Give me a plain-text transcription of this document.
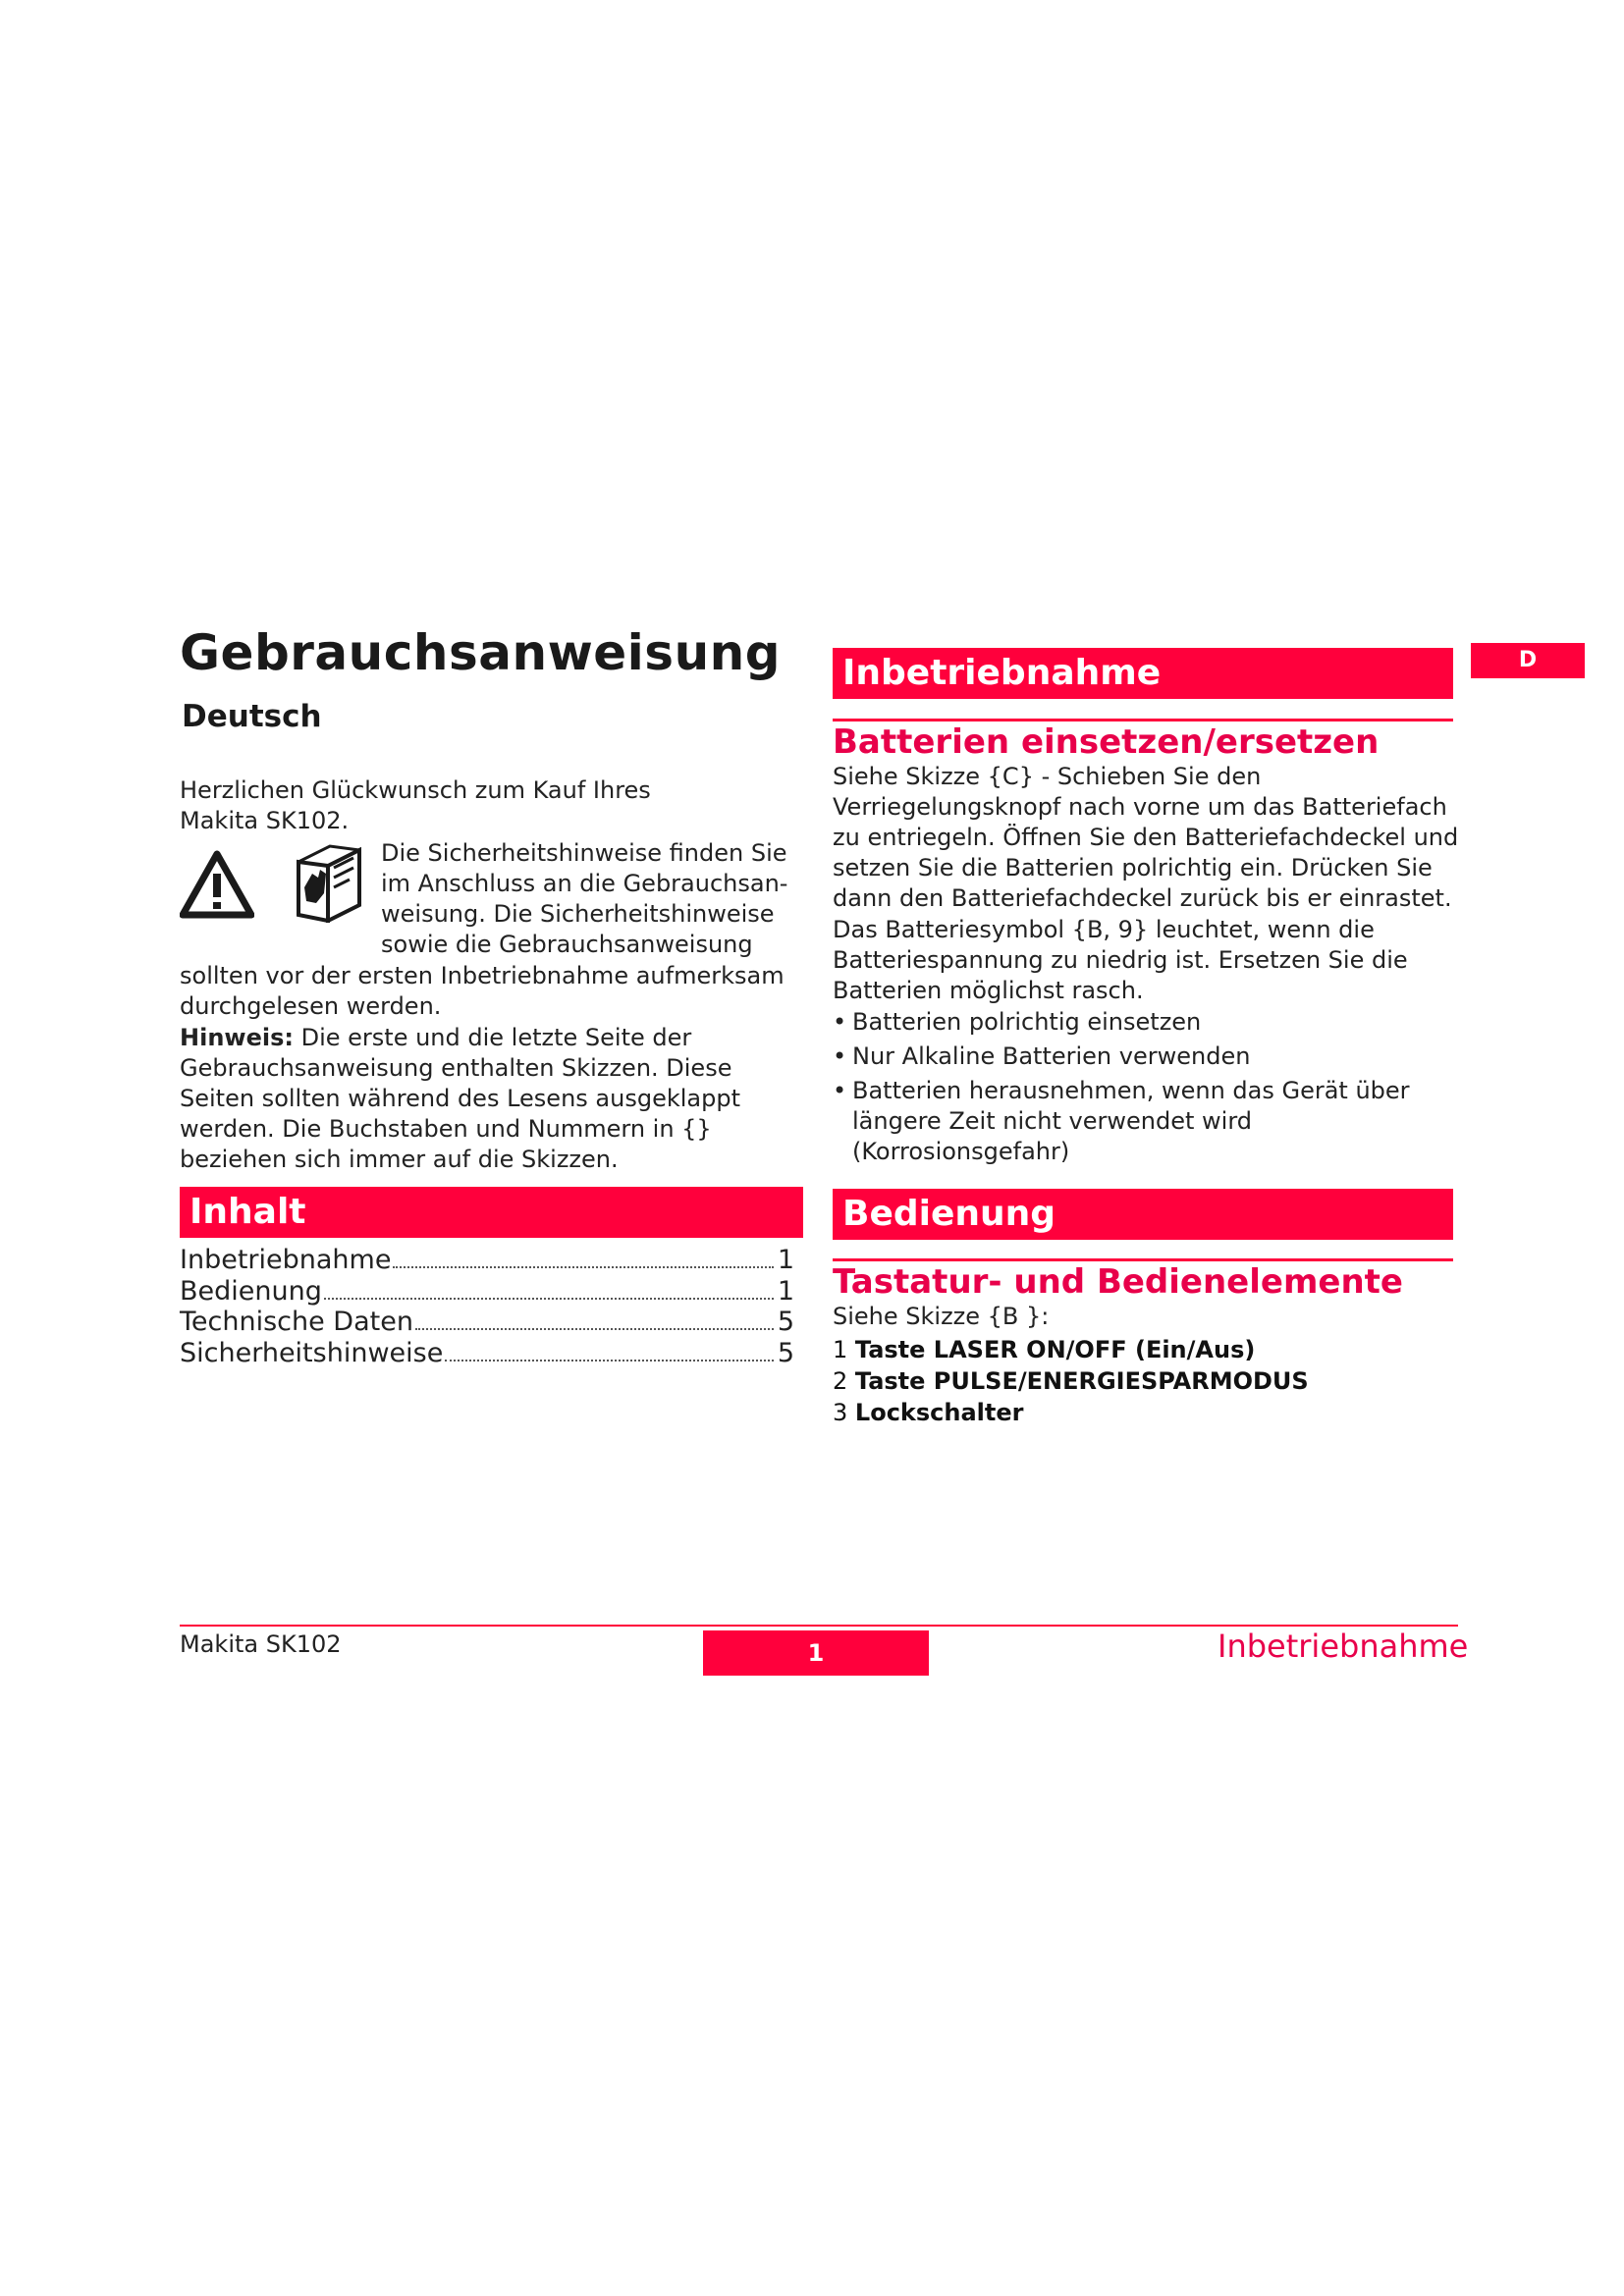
Gebrauchsanweisung
Deutsch
Herzlichen Glückwunsch zum Kauf Ihres
Makita SK102.
Die Sicherheitshinweise finden Sie
im Anschluss an die Gebrauchsan-
weisung. Die Sicherheitshinweise
sowie die Gebrauchsanweisung
sollten vor der ersten Inbetriebnahme aufmerksam durchgelesen werden.
Hinweis: Die erste und die letzte Seite der Gebrauchsanweisung enthalten Skizzen. Diese Seiten sollten während des Lesens ausgeklappt werden. Die Buchstaben und Nummern in {} beziehen sich immer auf die Skizzen.
Inhalt
Inbetriebnahme	1
Bedienung	1
Technische Daten	5
Sicherheitshinweise	5
Inbetriebnahme
Batterien einsetzen/ersetzen
Siehe Skizze {C} - Schieben Sie den Verriegelungsknopf nach vorne um das Batteriefach zu entriegeln. Öffnen Sie den Batteriefachdeckel und setzen Sie die Batterien polrichtig ein. Drücken Sie dann den Batteriefachdeckel zurück bis er einrastet.
Das Batteriesymbol {B, 9} leuchtet, wenn die Batteriespannung zu niedrig ist. Ersetzen Sie die Batterien möglichst rasch.
• Batterien polrichtig einsetzen
• Nur Alkaline Batterien verwenden
• Batterien herausnehmen, wenn das Gerät über längere Zeit nicht verwendet wird (Korrosionsgefahr)
Bedienung
Tastatur- und Bedienelemente
Siehe Skizze {B }:
1 Taste LASER ON/OFF (Ein/Aus)
2 Taste PULSE/ENERGIESPARMODUS
3 Lockschalter
D
Makita SK102	1	Inbetriebnahme
